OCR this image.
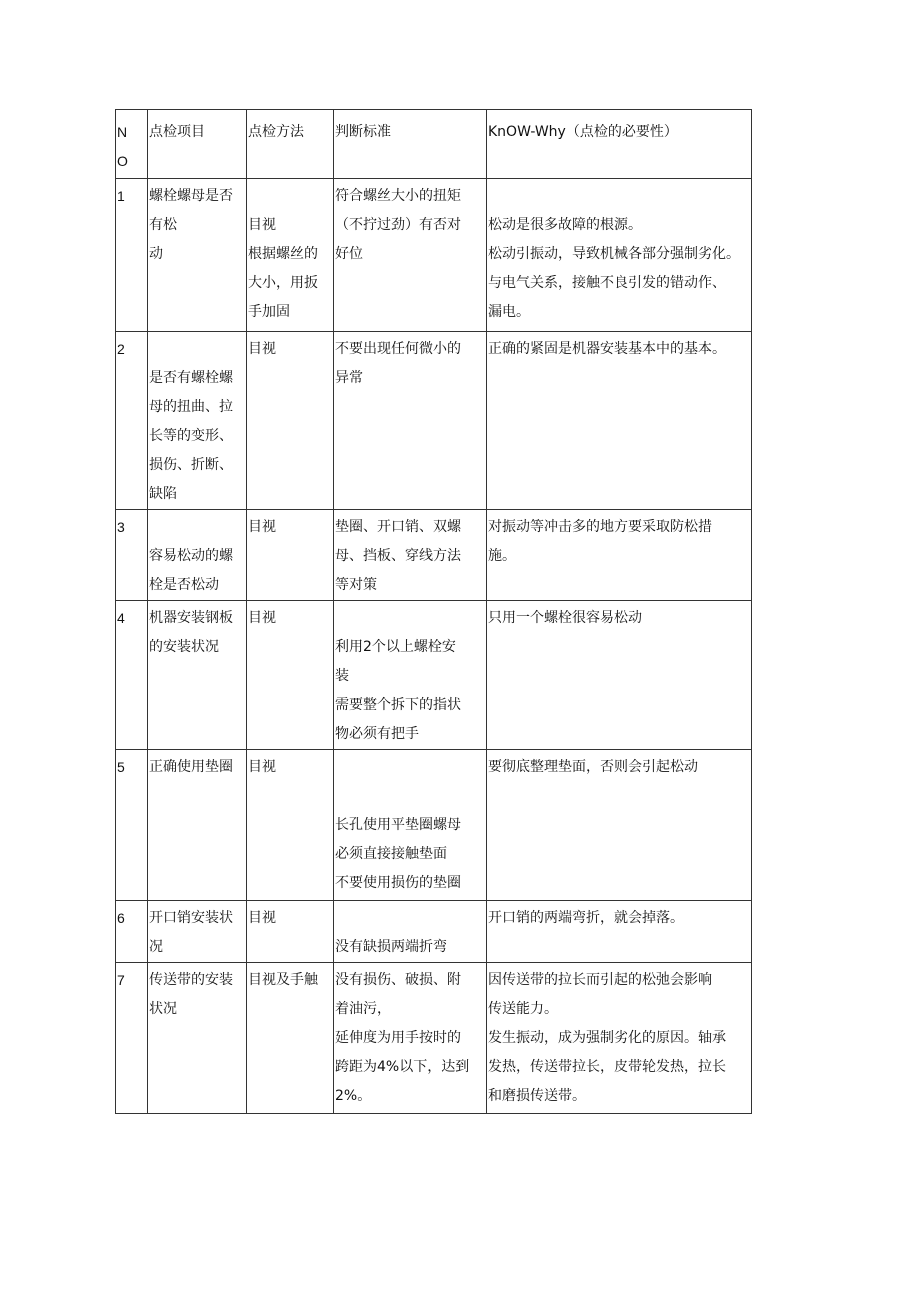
N
O	点检项目	点检方法	判断标准	KnOW-Why（点检的必要性）

1	螺栓螺母是否
有松
动	目视
根据螺丝的
大小，用扳
手加固	符合螺丝大小的扭矩
（不拧过劲）有否对
好位	松动是很多故障的根源。
松动引振动，导致机械各部分强制劣化。
与电气关系，接触不良引发的错动作、
漏电。

2	是否有螺栓螺
母的扭曲、拉
长等的变形、
损伤、折断、
缺陷	目视	不要出现任何微小的
异常	正确的紧固是机器安装基本中的基本。

3	容易松动的螺
栓是否松动	目视	垫圈、开口销、双螺
母、挡板、穿线方法
等对策	对振动等冲击多的地方要采取防松措
施。

4	机器安装钢板
的安装状况	目视	利用2个以上螺栓安
装
需要整个拆下的指状
物必须有把手	只用一个螺栓很容易松动

5	正确使用垫圈	目视	长孔使用平垫圈螺母
必须直接接触垫面
不要使用损伤的垫圈	要彻底整理垫面，否则会引起松动

6	开口销安装状
况	目视	没有缺损两端折弯	开口销的两端弯折，就会掉落。

7	传送带的安装
状况	目视及手触	没有损伤、破损、附
着油污，
延伸度为用手按时的
跨距为4%以下，达到
2%。	因传送带的拉长而引起的松弛会影响
传送能力。
发生振动，成为强制劣化的原因。轴承
发热，传送带拉长，皮带轮发热，拉长
和磨损传送带。
